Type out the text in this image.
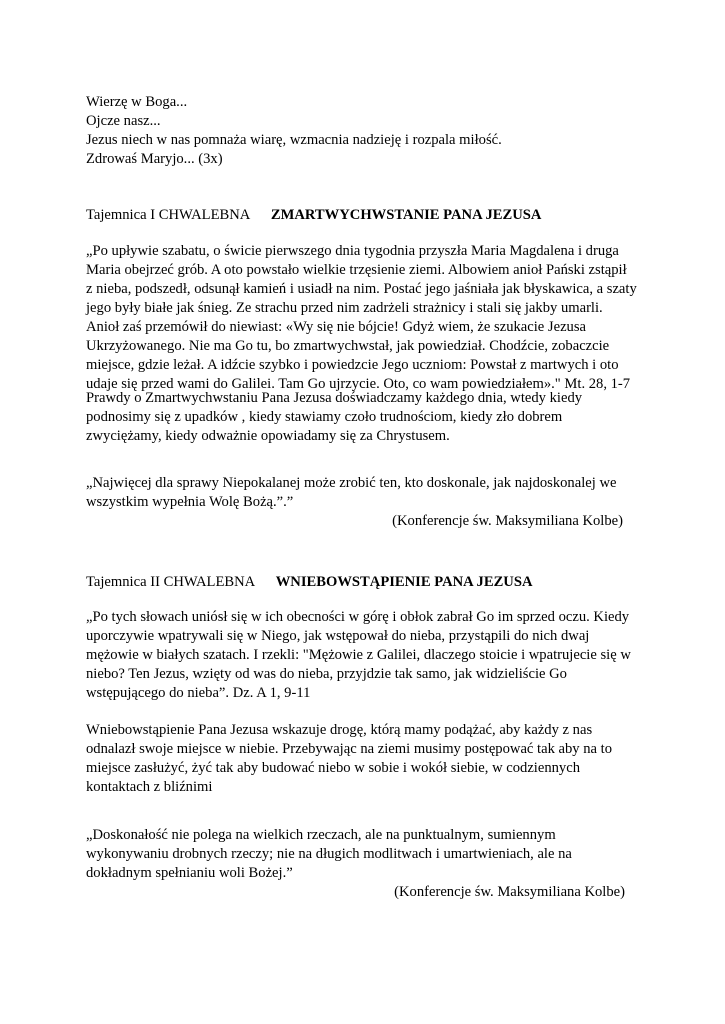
Wierzę w Boga...
Ojcze nasz...
Jezus niech w nas pomnaża wiarę, wzmacnia nadzieję i rozpala miłość.
Zdrowaś Maryjo... (3x)
Tajemnica I CHWALEBNA ZMARTWYCHWSTANIE PANA JEZUSA
„Po upływie szabatu, o świcie pierwszego dnia tygodnia przyszła Maria Magdalena i druga
Maria obejrzeć grób. A oto powstało wielkie trzęsienie ziemi. Albowiem anioł Pański zstąpił
z nieba, podszedł, odsunął kamień i usiadł na nim. Postać jego jaśniała jak błyskawica, a szaty
jego były białe jak śnieg. Ze strachu przed nim zadrżeli strażnicy i stali się jakby umarli.
Anioł zaś przemówił do niewiast: «Wy się nie bójcie! Gdyż wiem, że szukacie Jezusa
Ukrzyżowanego. Nie ma Go tu, bo zmartwychwstał, jak powiedział. Chodźcie, zobaczcie
miejsce, gdzie leżał. A idźcie szybko i powiedzcie Jego uczniom: Powstał z martwych i oto
udaje się przed wami do Galilei. Tam Go ujrzycie. Oto, co wam powiedziałem»." Mt. 28, 1-7
Prawdy o Zmartwychwstaniu Pana Jezusa doświadczamy każdego dnia, wtedy kiedy
podnosimy się z upadków , kiedy stawiamy czoło trudnościom, kiedy zło dobrem
zwyciężamy, kiedy odważnie opowiadamy się za Chrystusem.
„Najwięcej dla sprawy Niepokalanej może zrobić ten, kto doskonale, jak najdoskonalej we
wszystkim wypełnia Wolę Bożą.”.”
(Konferencje św. Maksymiliana Kolbe)
Tajemnica II CHWALEBNA WNIEBOWSTĄPIENIE PANA JEZUSA
„Po tych słowach uniósł się w ich obecności w górę i obłok zabrał Go im sprzed oczu. Kiedy
uporczywie wpatrywali się w Niego, jak wstępował do nieba, przystąpili do nich dwaj
mężowie w białych szatach. I rzekli: "Mężowie z Galilei, dlaczego stoicie i wpatrujecie się w
niebo? Ten Jezus, wzięty od was do nieba, przyjdzie tak samo, jak widzieliście Go
wstępującego do nieba”. Dz. A 1, 9-11
Wniebowstąpienie Pana Jezusa wskazuje drogę, którą mamy podążać, aby każdy z nas
odnalazł swoje miejsce w niebie. Przebywając na ziemi musimy postępować tak aby na to
miejsce zasłużyć, żyć tak aby budować niebo w sobie i wokół siebie, w codziennych
kontaktach z bliźnimi
„Doskonałość nie polega na wielkich rzeczach, ale na punktualnym, sumiennym
wykonywaniu drobnych rzeczy; nie na długich modlitwach i umartwieniach, ale na
dokładnym spełnianiu woli Bożej.”
(Konferencje św. Maksymiliana Kolbe)
